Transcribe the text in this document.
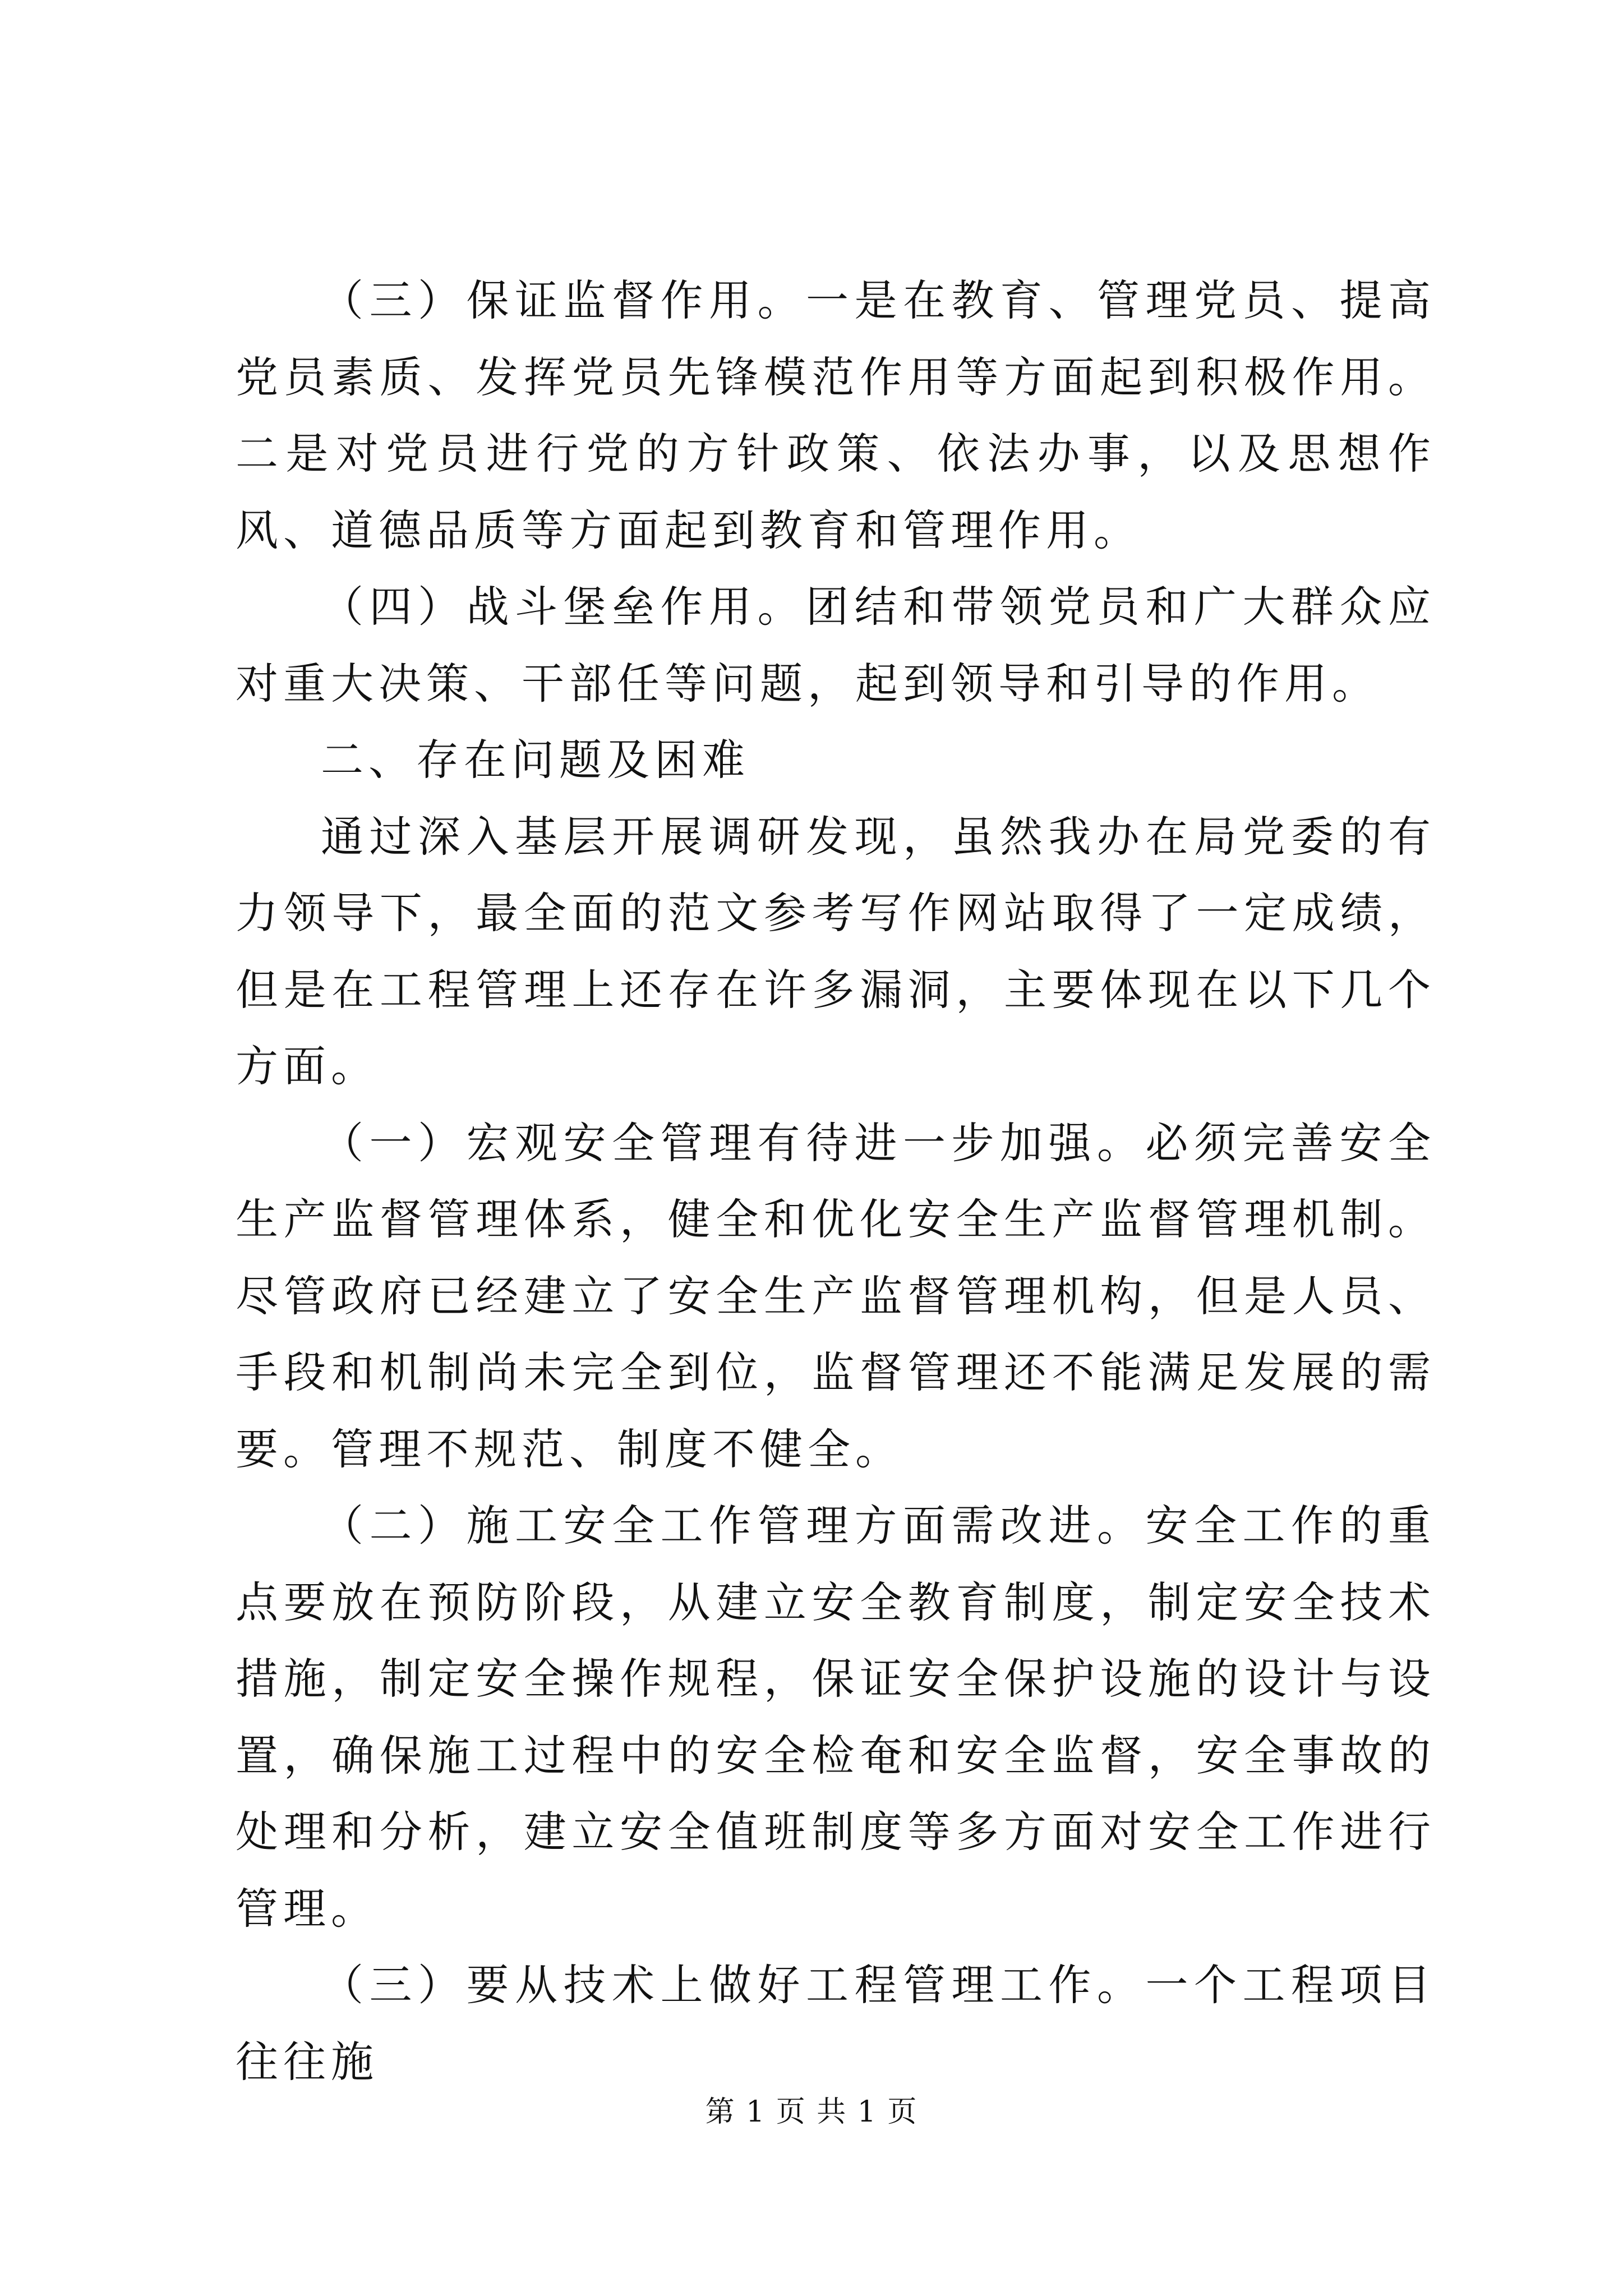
（三）保证监督作用。一是在教育、管理党员、提高党员素质、发挥党员先锋模范作用等方面起到积极作用。二是对党员进行党的方针政策、依法办事，以及思想作风、道德品质等方面起到教育和管理作用。

（四）战斗堡垒作用。团结和带领党员和广大群众应对重大决策、干部任等问题，起到领导和引导的作用。

二、存在问题及困难

通过深入基层开展调研发现，虽然我办在局党委的有力领导下，最全面的范文参考写作网站取得了一定成绩，但是在工程管理上还存在许多漏洞，主要体现在以下几个方面。

（一）宏观安全管理有待进一步加强。必须完善安全生产监督管理体系，健全和优化安全生产监督管理机制。尽管政府已经建立了安全生产监督管理机构，但是人员、手段和机制尚未完全到位，监督管理还不能满足发展的需要。管理不规范、制度不健全。

（二）施工安全工作管理方面需改进。安全工作的重点要放在预防阶段，从建立安全教育制度，制定安全技术措施，制定安全操作规程，保证安全保护设施的设计与设置，确保施工过程中的安全检奄和安全监督，安全事故的处理和分析，建立安全值班制度等多方面对安全工作进行管理。

（三）要从技术上做好工程管理工作。一个工程项目往往施

第 1 页 共 1 页
